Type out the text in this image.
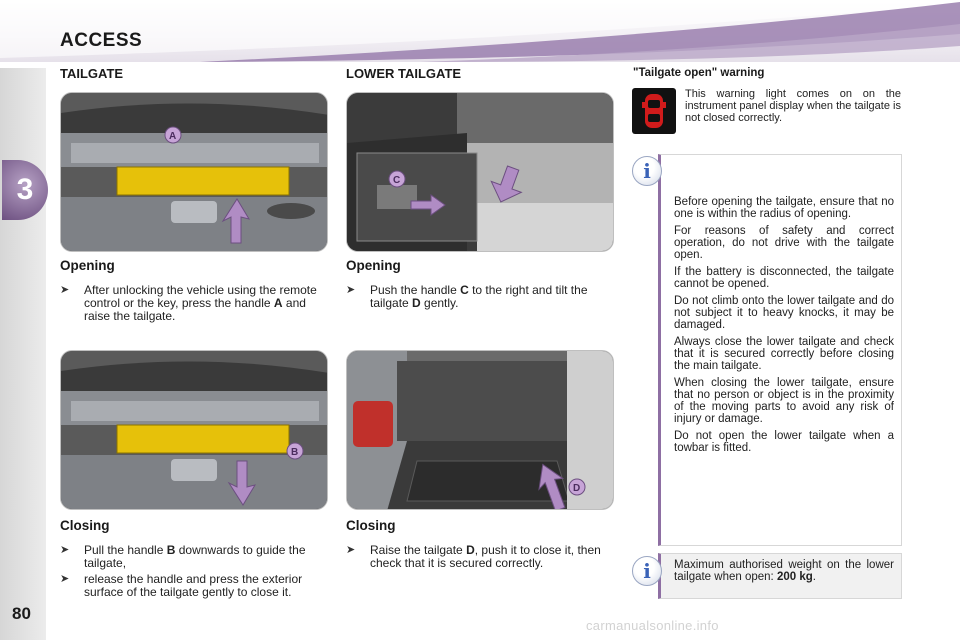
ACCESS
3
80
TAILGATE	LOWER TAILGATE
A
C
Opening
➤ After unlocking the vehicle using the remote control or the key, press the handle A and raise the tailgate.
Opening
➤ Push the handle C to the right and tilt the tailgate D gently.
B
D
Closing
➤ Pull the handle B downwards to guide the tailgate,
➤ release the handle and press the exterior surface of the tailgate gently to close it.
Closing
➤ Raise the tailgate D, push it to close it, then check that it is secured correctly.
"Tailgate open" warning
This warning light comes on on the instrument panel display when the tailgate is not closed correctly.
i

Before opening the tailgate, ensure that no one is within the radius of opening.

For reasons of safety and correct operation, do not drive with the tailgate open.

If the battery is disconnected, the tailgate cannot be opened.

Do not climb onto the lower tailgate and do not subject it to heavy knocks, it may be damaged.

Always close the lower tailgate and check that it is secured correctly before closing the main tailgate.

When closing the lower tailgate, ensure that no person or object is in the proximity of the moving parts to avoid any risk of injury or damage.

Do not open the lower tailgate when a towbar is fitted.

i	Maximum authorised weight on the lower tailgate when open: 200 kg.
carmanualsonline.info
